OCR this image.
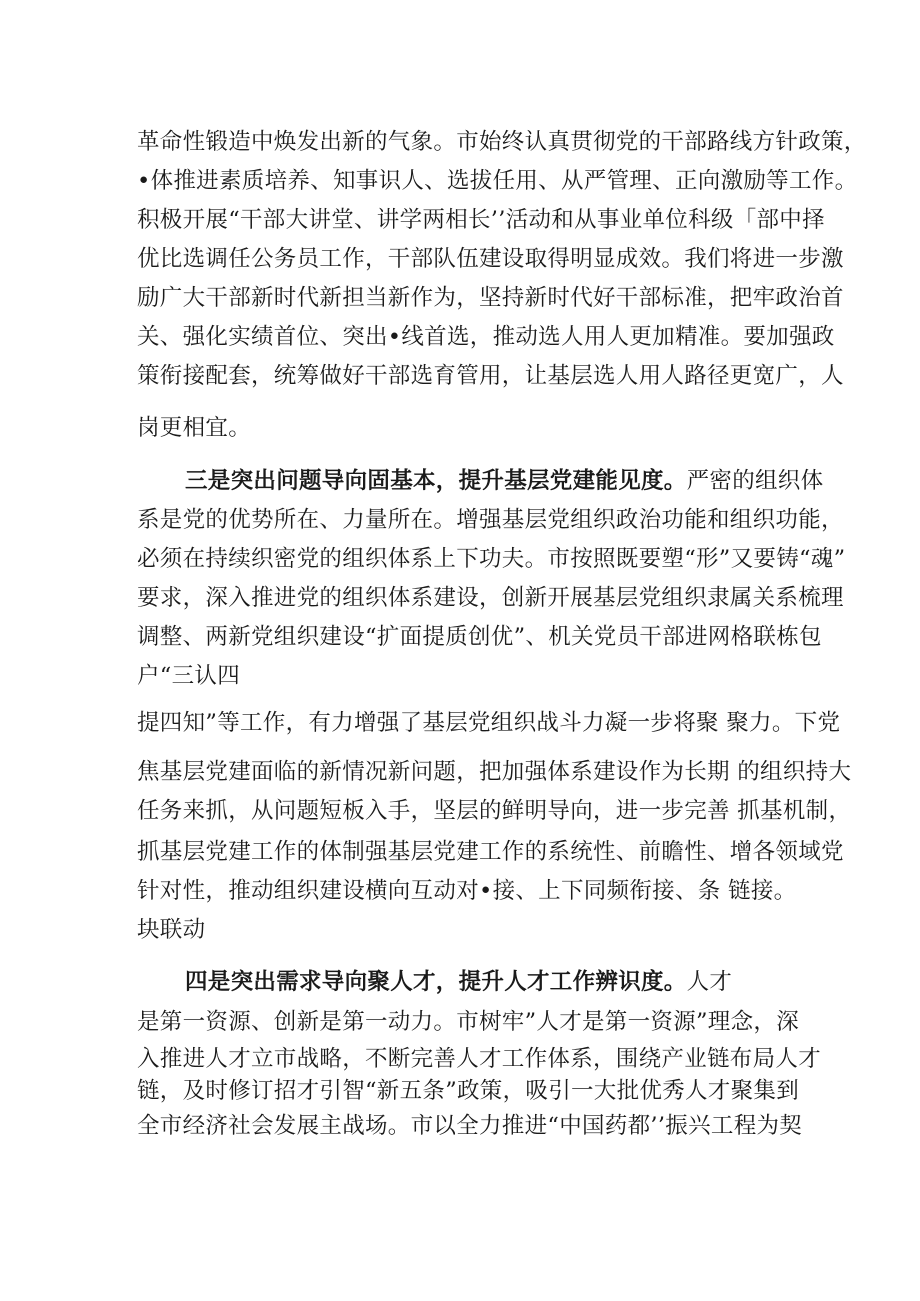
革命性锻造中焕发出新的气象。市始终认真贯彻党的干部路线方针政策，
•体推进素质培养、知事识人、选拔任用、从严管理、正向激励等工作。
积极开展“干部大讲堂、讲学两相长’’活动和从事业单位科级「部中择
优比选调任公务员工作，干部队伍建设取得明显成效。我们将进一步激
励广大干部新时代新担当新作为，坚持新时代好干部标准，把牢政治首
关、强化实绩首位、突出•线首选，推动选人用人更加精准。要加强政
策衔接配套，统筹做好干部选育管用，让基层选人用人路径更宽广，人
岗更相宜。
三是突出问题导向固基本，提升基层党建能见度。严密的组织体
系是党的优势所在、力量所在。增强基层党组织政治功能和组织功能，
必须在持续织密党的组织体系上下功夫。市按照既要塑“形”又要铸“魂”
要求，深入推进党的组织体系建设，创新开展基层党组织隶属关系梳理
调整、两新党组织建设“扩面提质创优”、机关党员干部进网格联栋包
户“三认四
提四知”等工作，有力增强了基层党组织战斗力凝一步将聚 聚力。下党
焦基层党建面临的新情况新问题，把加强体系建设作为长期 的组织持大
任务来抓，从问题短板入手，坚层的鲜明导向，进一步完善 抓基机制，
抓基层党建工作的体制强基层党建工作的系统性、前瞻性、增各领域党
针对性，推动组织建设横向互动对•接、上下同频衔接、条 链接。
块联动
四是突出需求导向聚人才，提升人才工作辨识度。人才
是第一资源、创新是第一动力。市树牢”人才是第一资源”理念，深
入推进人才立市战略，不断完善人才工作体系，围绕产业链布局人才
链，及时修订招才引智“新五条”政策，吸引一大批优秀人才聚集到
全市经济社会发展主战场。市以全力推进“中国药都’’振兴工程为契
